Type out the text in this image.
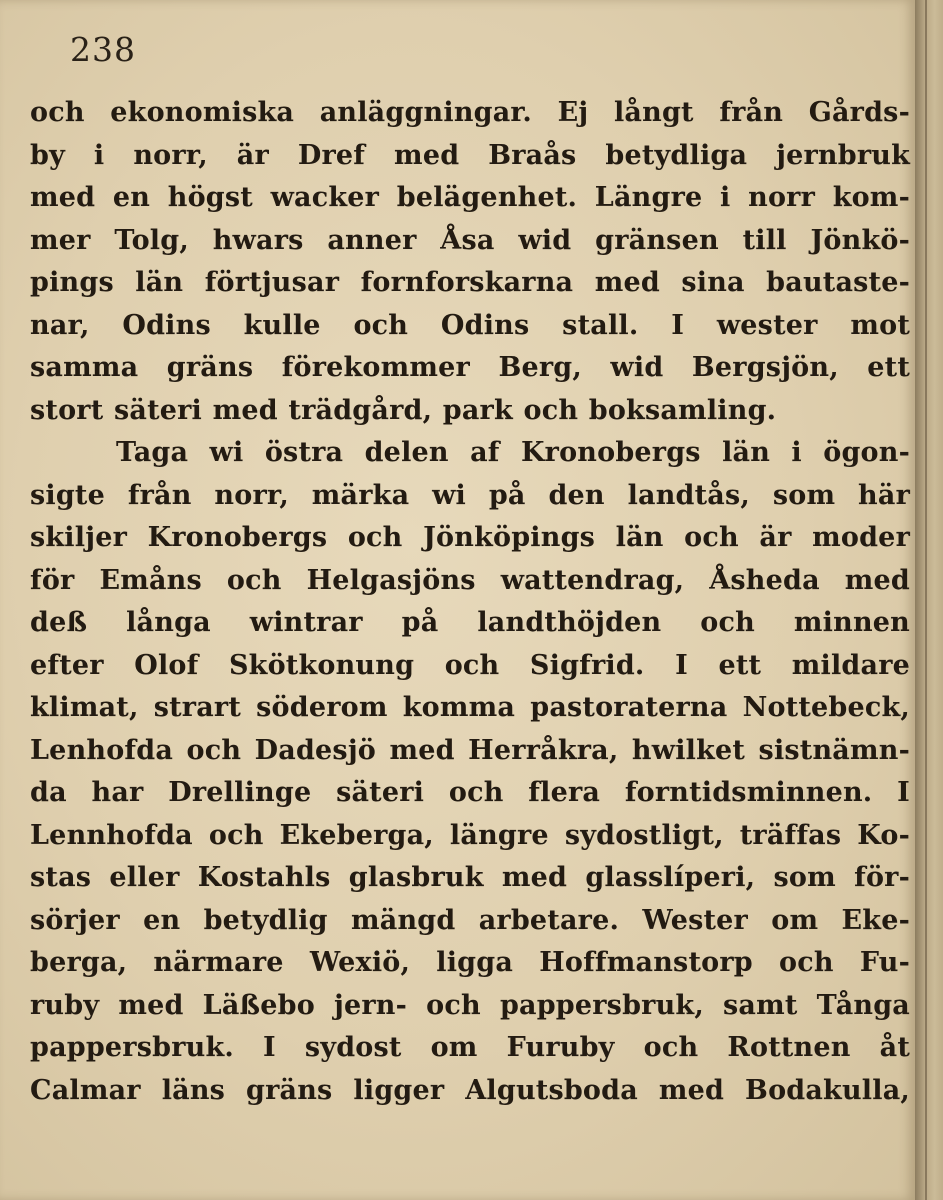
238
och ekonomiska anläggningar. Ej långt från Gårds-
by i norr, är Dref med Braås betydliga jernbruk
med en högst wacker belägenhet. Längre i norr kom-
mer Tolg, hwars anner Åsa wid gränsen till Jönkö-
pings län förtjusar fornforskarna med sina bautaste-
nar, Odins kulle och Odins stall. I wester mot
samma gräns förekommer Berg, wid Bergsjön, ett
stort säteri med trädgård, park och boksamling.
Taga wi östra delen af Kronobergs län i ögon-
sigte från norr, märka wi på den landtås, som här
skiljer Kronobergs och Jönköpings län och är moder
för Emåns och Helgasjöns wattendrag, Åsheda med
deß långa wintrar på landthöjden och minnen
efter Olof Skötkonung och Sigfrid. I ett mildare
klimat, strart söderom komma pastoraterna Nottebeck,
Lenhofda och Dadesjö med Herråkra, hwilket sistnämn-
da har Drellinge säteri och flera forntidsminnen. I
Lennhofda och Ekeberga, längre sydostligt, träffas Ko-
stas eller Kostahls glasbruk med glasslíperi, som för-
sörjer en betydlig mängd arbetare. Wester om Eke-
berga, närmare Wexiö, ligga Hoffmanstorp och Fu-
ruby med Läßebo jern- och pappersbruk, samt Tånga
pappersbruk. I sydost om Furuby och Rottnen åt
Calmar läns gräns ligger Algutsboda med Bodakulla,
